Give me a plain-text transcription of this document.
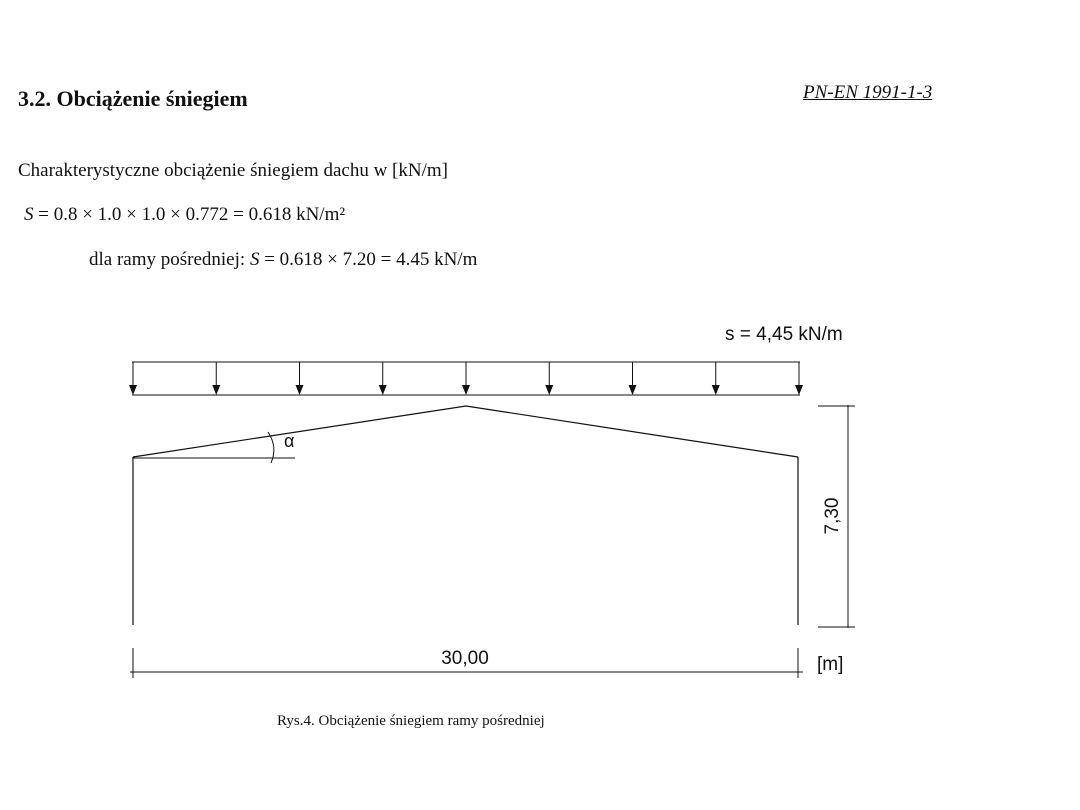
3.2. Obciążenie śniegiem	PN-EN 1991-1-3
Charakterystyczne obciążenie śniegiem dachu w [kN/m]
S = 0.8 × 1.0 × 1.0 × 0.772 = 0.618 kN/m²
dla ramy pośredniej: S = 0.618 × 7.20 = 4.45 kN/m
s = 4,45 kN/m
α
7,30
30,00	[m]
Rys.4. Obciążenie śniegiem ramy pośredniej
